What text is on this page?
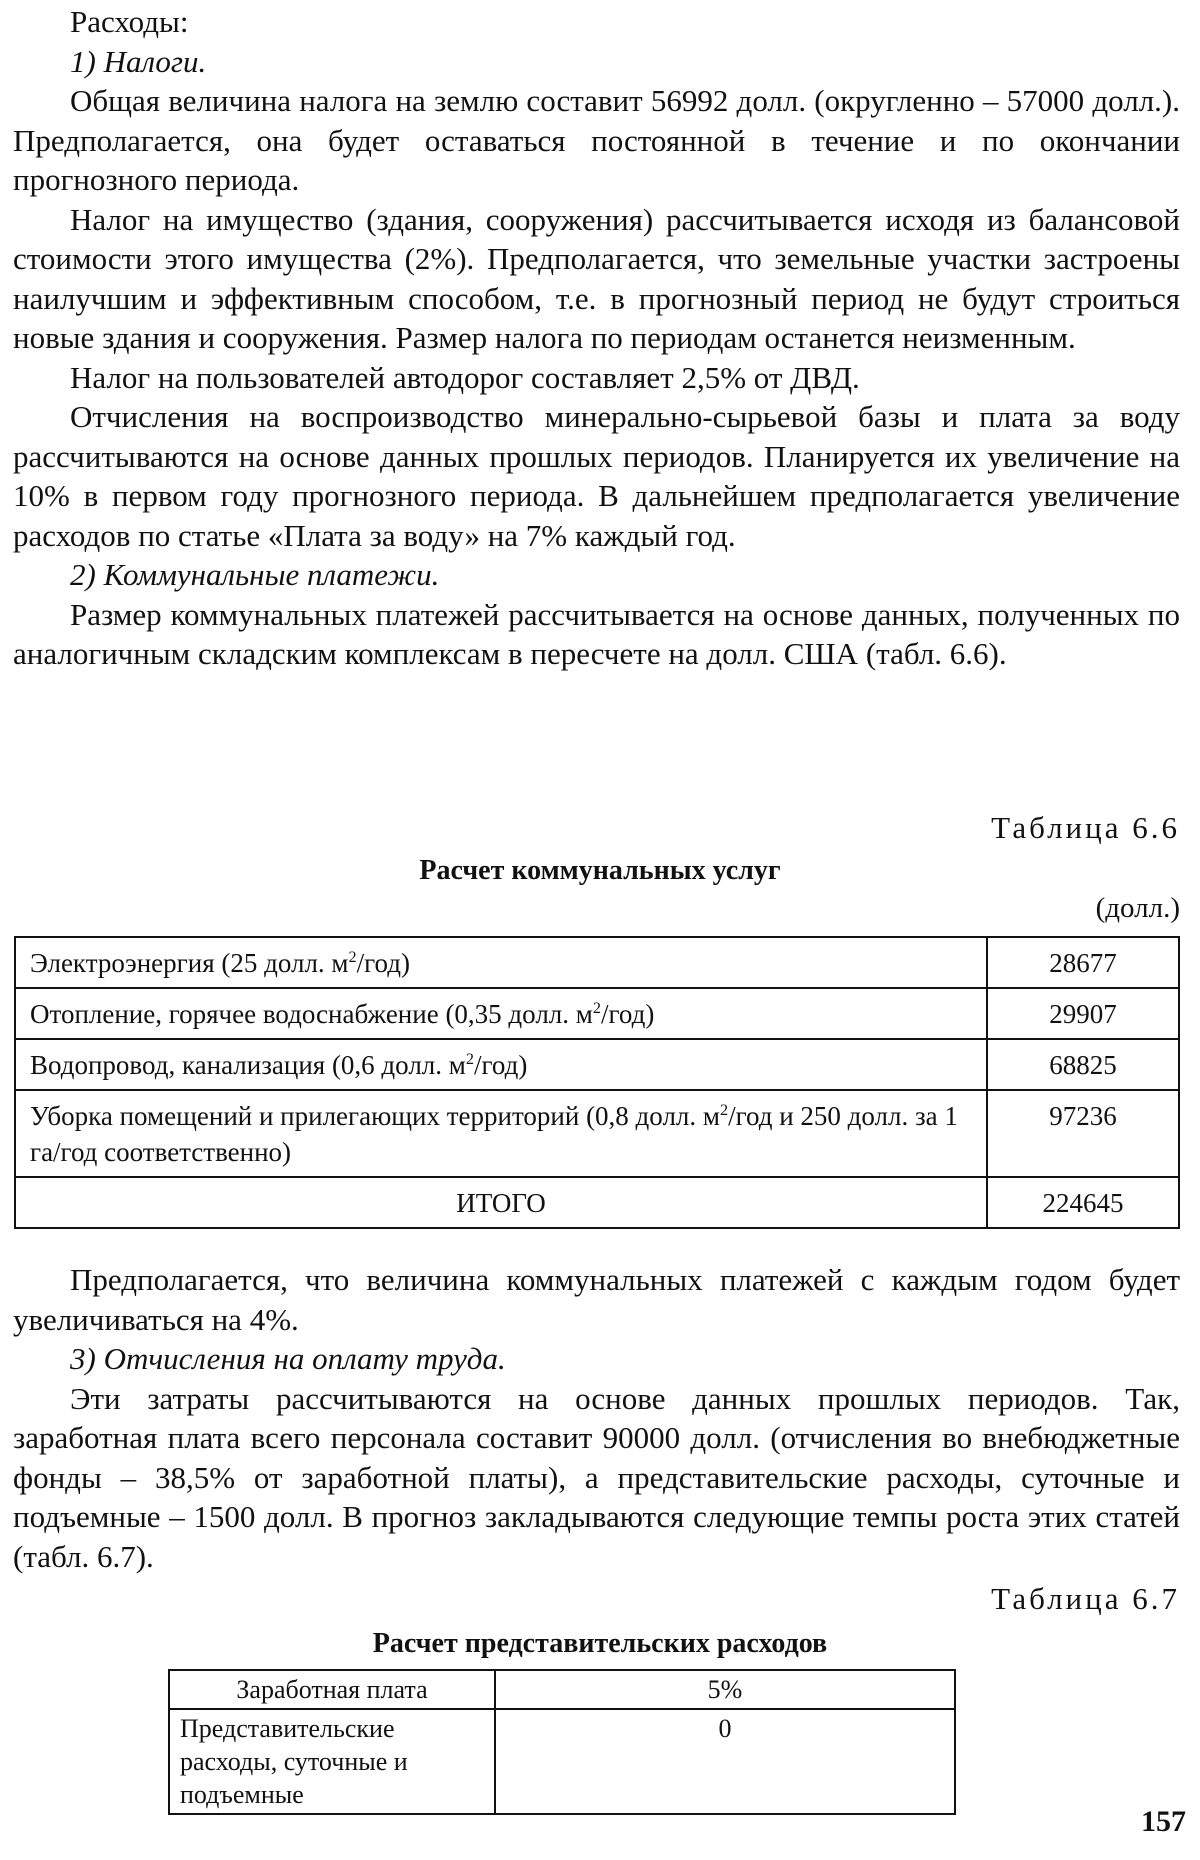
Расходы:

1) Налоги.

Общая величина налога на землю составит 56992 долл. (округленно – 57000 долл.). Предполагается, она будет оставаться постоянной в течение и по окончании прогнозного периода.

Налог на имущество (здания, сооружения) рассчитывается исходя из балансовой стоимости этого имущества (2%). Предполагается, что земельные участки застроены наилучшим и эффективным способом, т.е. в прогнозный период не будут строиться новые здания и сооружения. Размер налога по периодам останется неизменным.

Налог на пользователей автодорог составляет 2,5% от ДВД.

Отчисления на воспроизводство минерально-сырьевой базы и плата за воду рассчитываются на основе данных прошлых периодов. Планируется их увеличение на 10% в первом году прогнозного периода. В дальнейшем предполагается увеличение расходов по статье «Плата за воду» на 7% каждый год.

2) Коммунальные платежи.

Размер коммунальных платежей рассчитывается на основе данных, полученных по аналогичным складским комплексам в пересчете на долл. США (табл. 6.6).

Таблица 6.6
Расчет коммунальных услуг
(долл.)
Электроэнергия (25 долл. $м^2/год$)	28677
Отопление, горячее водоснабжение (0,35 долл. $м^2/год$)	29907
Водопровод, канализация (0,6 долл. $м^2/год$)	68825
Уборка помещений и прилегающих территорий (0,8 долл. $м^2$/год и 250 долл. за 1 га/год соответственно)	97236
ИТОГО	224645

Предполагается, что величина коммунальных платежей с каждым годом будет увеличиваться на 4%.

3) Отчисления на оплату труда.

Эти затраты рассчитываются на основе данных прошлых периодов. Так, заработная плата всего персонала составит 90000 долл. (отчисления во внебюджетные фонды – 38,5% от заработной платы), а представительские расходы, суточные и подъемные – 1500 долл. В прогноз закладываются следующие темпы роста этих статей (табл. 6.7).

Таблица 6.7
Расчет представительских расходов
Заработная плата	5%
Представительские расходы, суточные и подъемные	0
157
